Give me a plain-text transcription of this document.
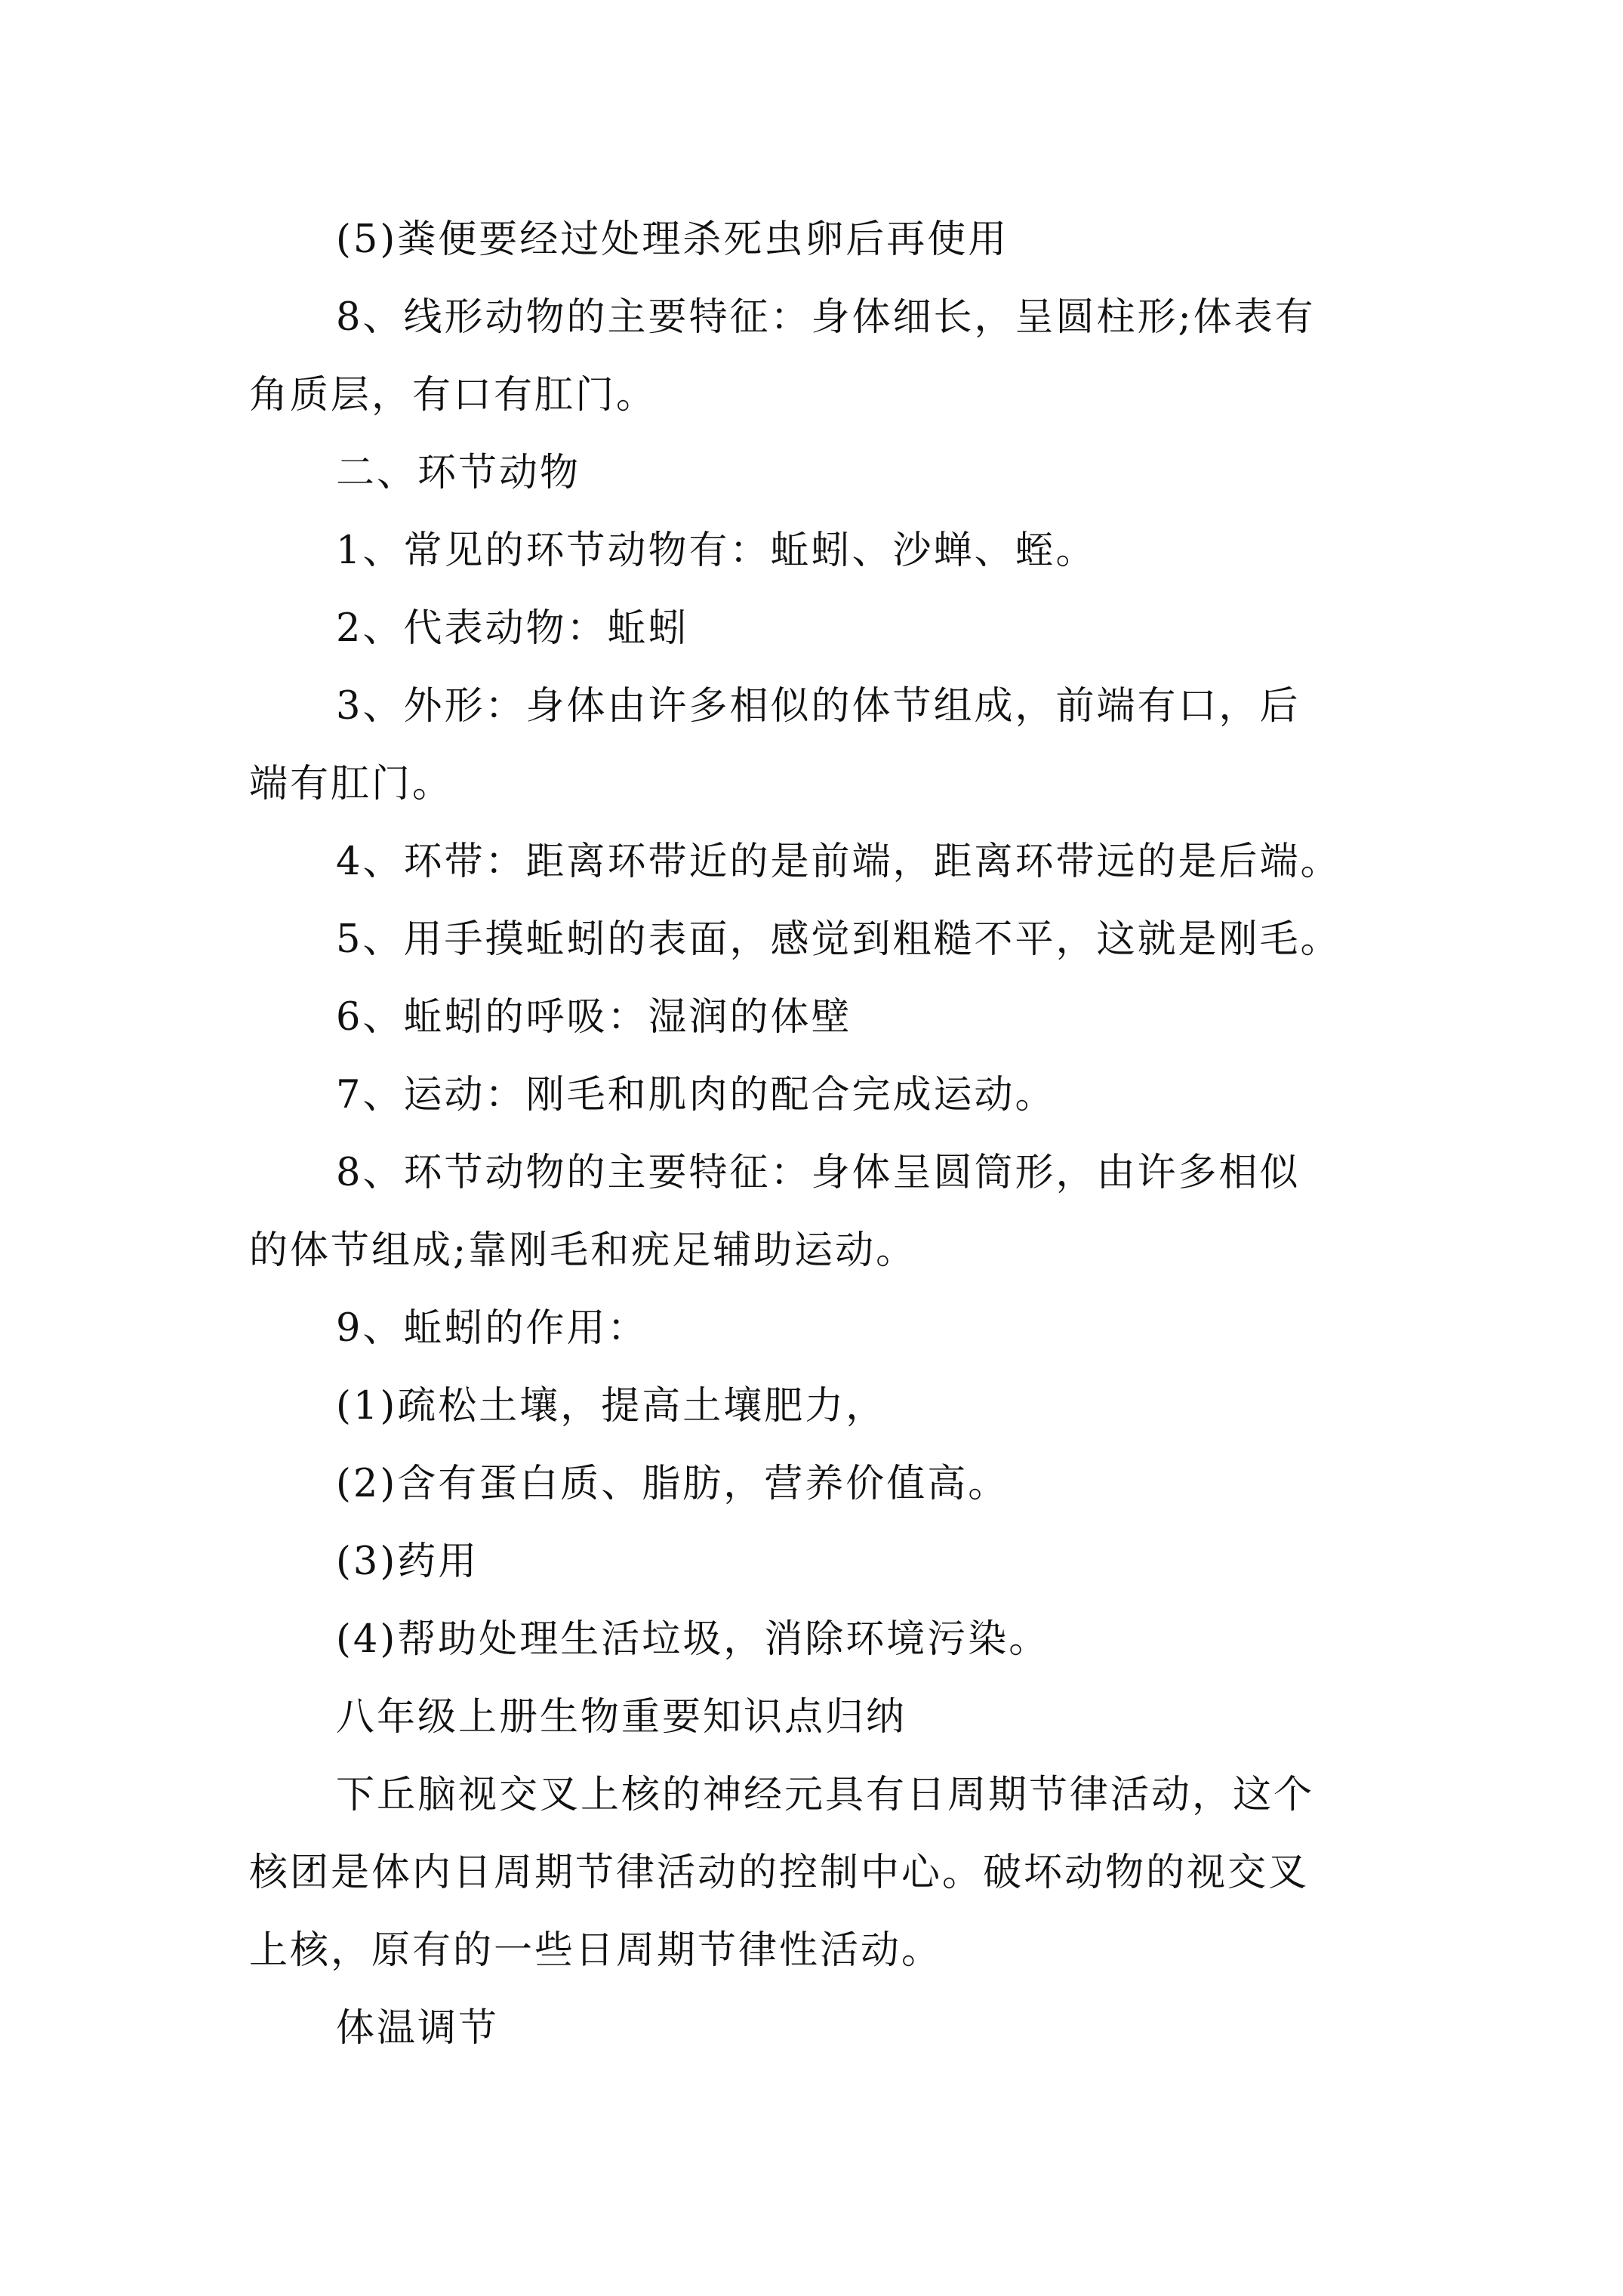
(5)粪便要经过处理杀死虫卵后再使用
8、线形动物的主要特征：身体细长，呈圆柱形;体表有
角质层，有口有肛门。
二、环节动物
1、常见的环节动物有：蚯蚓、沙蝉、蛭。
2、代表动物：蚯蚓
3、外形：身体由许多相似的体节组成，前端有口，后
端有肛门。
4、环带：距离环带近的是前端，距离环带远的是后端。
5、用手摸蚯蚓的表面，感觉到粗糙不平，这就是刚毛。
6、蚯蚓的呼吸：湿润的体壁
7、运动：刚毛和肌肉的配合完成运动。
8、环节动物的主要特征：身体呈圆筒形，由许多相似
的体节组成;靠刚毛和疣足辅助运动。
9、蚯蚓的作用：
(1)疏松土壤，提高土壤肥力，
(2)含有蛋白质、脂肪，营养价值高。
(3)药用
(4)帮助处理生活垃圾，消除环境污染。
八年级上册生物重要知识点归纳
下丘脑视交叉上核的神经元具有日周期节律活动，这个
核团是体内日周期节律活动的控制中心。破坏动物的视交叉
上核，原有的一些日周期节律性活动。
体温调节
